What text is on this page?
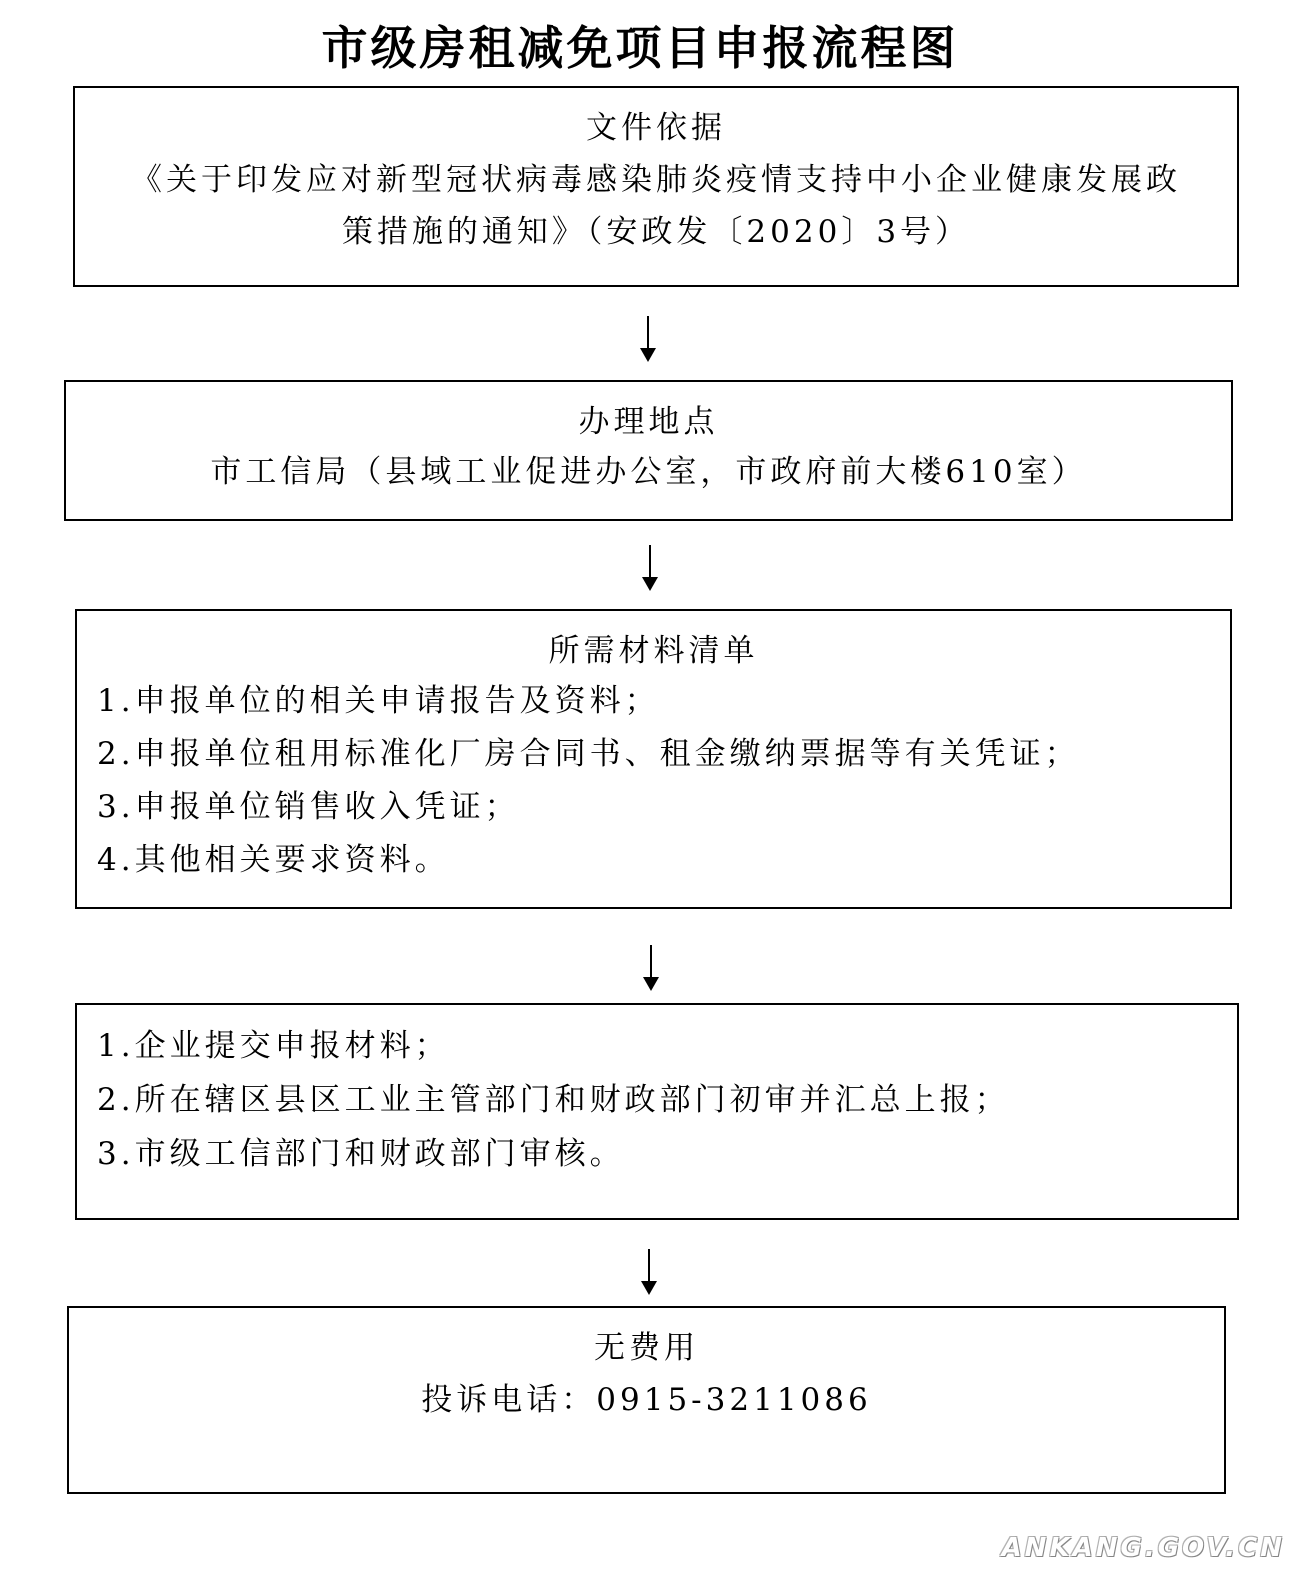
市级房租减免项目申报流程图
文件依据
《关于印发应对新型冠状病毒感染肺炎疫情支持中小企业健康发展政
策措施的通知》（安政发〔2020〕3号）
办理地点
市工信局（县域工业促进办公室，市政府前大楼610室）
所需材料清单
1.申报单位的相关申请报告及资料；
2.申报单位租用标准化厂房合同书、租金缴纳票据等有关凭证；
3.申报单位销售收入凭证；
4.其他相关要求资料。
1.企业提交申报材料；
2.所在辖区县区工业主管部门和财政部门初审并汇总上报；
3.市级工信部门和财政部门审核。
无费用
投诉电话：0915-3211086
ANKANG.GOV.CN
